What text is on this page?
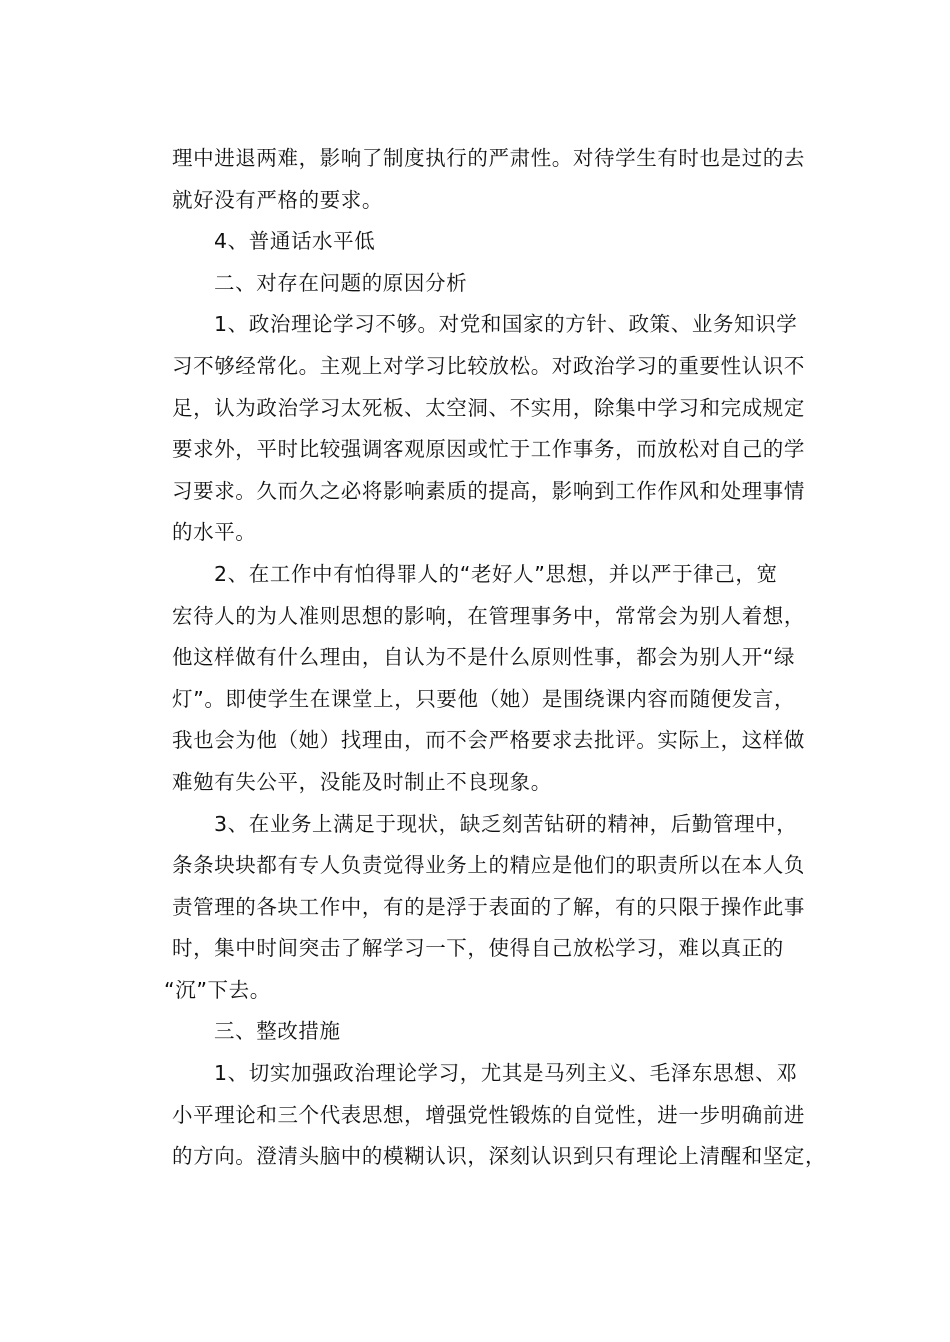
理中进退两难，影响了制度执行的严肃性。对待学生有时也是过的去
就好没有严格的要求。
4、普通话水平低
二、对存在问题的原因分析
1、政治理论学习不够。对党和国家的方针、政策、业务知识学
习不够经常化。主观上对学习比较放松。对政治学习的重要性认识不
足，认为政治学习太死板、太空洞、不实用，除集中学习和完成规定
要求外，平时比较强调客观原因或忙于工作事务，而放松对自己的学
习要求。久而久之必将影响素质的提高，影响到工作作风和处理事情
的水平。
2、在工作中有怕得罪人的“老好人”思想，并以严于律己，宽
宏待人的为人准则思想的影响，在管理事务中，常常会为别人着想，
他这样做有什么理由，自认为不是什么原则性事，都会为别人开“绿
灯”。即使学生在课堂上，只要他（她）是围绕课内容而随便发言，
我也会为他（她）找理由，而不会严格要求去批评。实际上，这样做
难勉有失公平，没能及时制止不良现象。
3、在业务上满足于现状，缺乏刻苦钻研的精神，后勤管理中，
条条块块都有专人负责觉得业务上的精应是他们的职责所以在本人负
责管理的各块工作中，有的是浮于表面的了解，有的只限于操作此事
时，集中时间突击了解学习一下，使得自己放松学习，难以真正的
“沉”下去。
三、整改措施
1、切实加强政治理论学习，尤其是马列主义、毛泽东思想、邓
小平理论和三个代表思想，增强党性锻炼的自觉性，进一步明确前进
的方向。澄清头脑中的模糊认识，深刻认识到只有理论上清醒和坚定，
